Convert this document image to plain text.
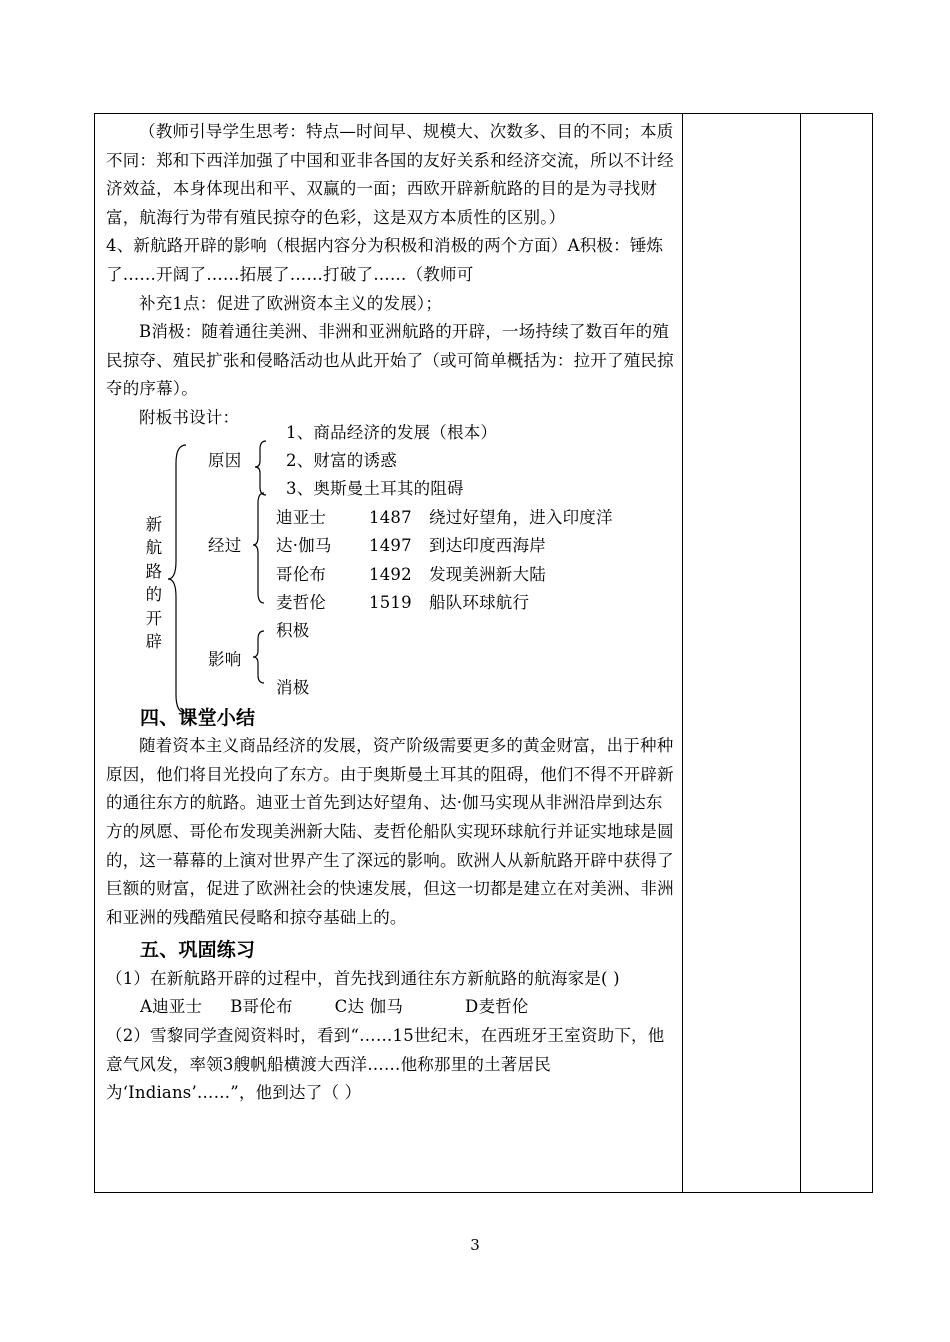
（教师引导学生思考：特点—时间早、规模大、次数多、目的不同；本质不同：郑和下西洋加强了中国和亚非各国的友好关系和经济交流，所以不计经济效益，本身体现出和平、双赢的一面；西欧开辟新航路的目的是为寻找财富，航海行为带有殖民掠夺的色彩，这是双方本质性的区别。）

4、新航路开辟的影响（根据内容分为积极和消极的两个方面）A积极：锤炼了……开阔了……拓展了……打破了……（教师可

补充1点：促进了欧洲资本主义的发展）；

B消极：随着通往美洲、非洲和亚洲航路的开辟，一场持续了数百年的殖民掠夺、殖民扩张和侵略活动也从此开始了（或可简单概括为：拉开了殖民掠夺的序幕）。

附板书设计：

新航路的开辟
原因
1、商品经济的发展（根本）
2、财富的诱惑
3、奥斯曼土耳其的阻碍
经过
迪亚士	1487 绕过好望角，进入印度洋
达·伽马 1497 到达印度西海岸
哥伦布	1492 发现美洲新大陆
麦哲伦	1519 船队环球航行
积极
影响
消极

四、课堂小结

随着资本主义商品经济的发展，资产阶级需要更多的黄金财富，出于种种原因，他们将目光投向了东方。由于奥斯曼土耳其的阻碍，他们不得不开辟新的通往东方的航路。迪亚士首先到达好望角、达·伽马实现从非洲沿岸到达东方的夙愿、哥伦布发现美洲新大陆、麦哲伦船队实现环球航行并证实地球是圆的，这一幕幕的上演对世界产生了深远的影响。欧洲人从新航路开辟中获得了巨额的财富，促进了欧洲社会的快速发展，但这一切都是建立在对美洲、非洲和亚洲的残酷殖民侵略和掠夺基础上的。

五、巩固练习

（1）在新航路开辟的过程中，首先找到通往东方新航路的航海家是( )

A迪亚士 B哥伦布	C达 伽马	D麦哲伦

（2）雪黎同学查阅资料时，看到“……15世纪末，在西班牙王室资助下，他意气风发，率领3艘帆船横渡大西洋……他称那里的土著居民为‘Indians’……”，他到达了（ ）

3
